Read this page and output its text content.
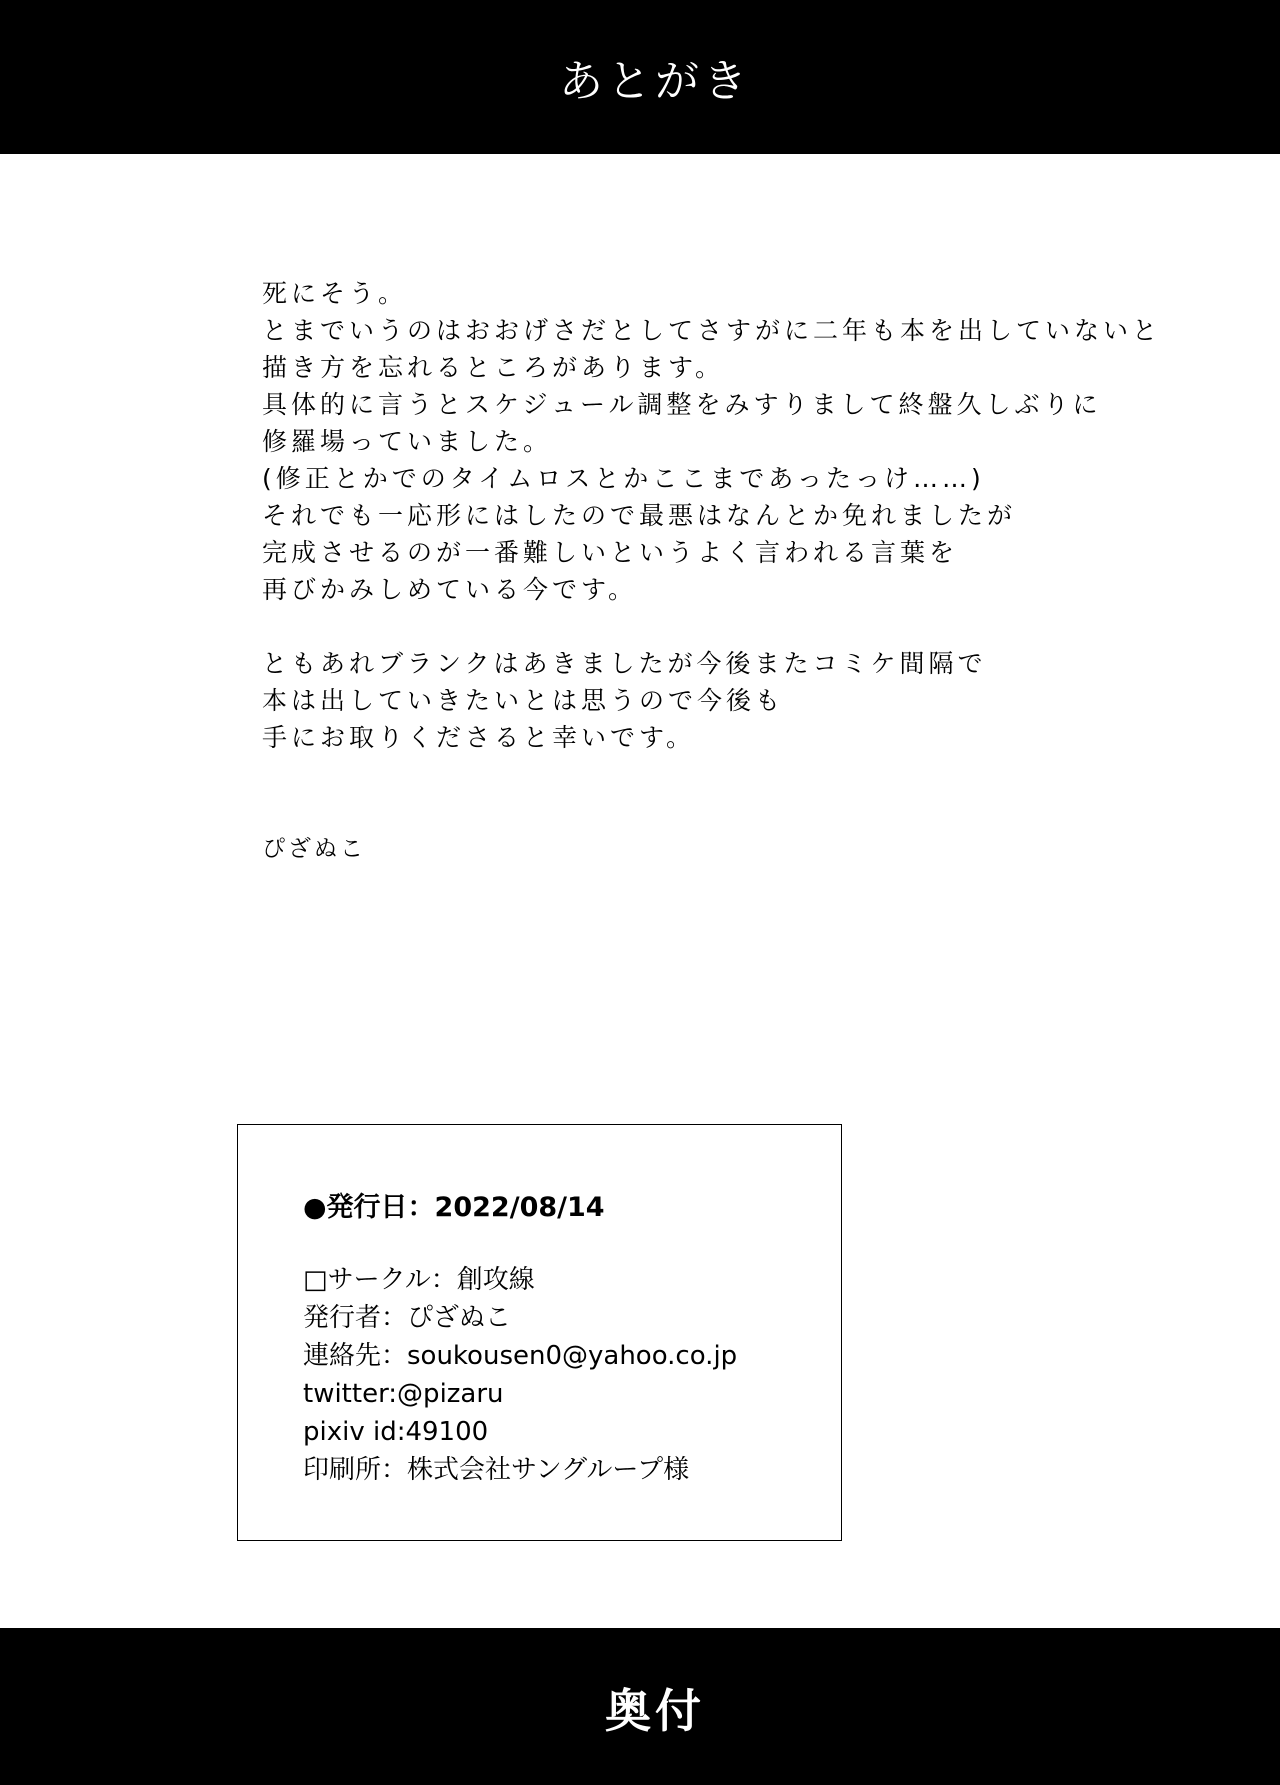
あとがき
死にそう。
とまでいうのはおおげさだとしてさすがに二年も本を出していないと
描き方を忘れるところがあります。
具体的に言うとスケジュール調整をみすりまして終盤久しぶりに
修羅場っていました。
(修正とかでのタイムロスとかここまであったっけ……)
それでも一応形にはしたので最悪はなんとか免れましたが
完成させるのが一番難しいというよく言われる言葉を
再びかみしめている今です。
ともあれブランクはあきましたが今後またコミケ間隔で
本は出していきたいとは思うので今後も
手にお取りくださると幸いです。
ぴざぬこ
●発行日：2022/08/14
□サークル：創攻線
発行者：ぴざぬこ
連絡先：soukousen0@yahoo.co.jp
twitter:@pizaru
pixiv id:49100
印刷所：株式会社サングループ様
奥付
